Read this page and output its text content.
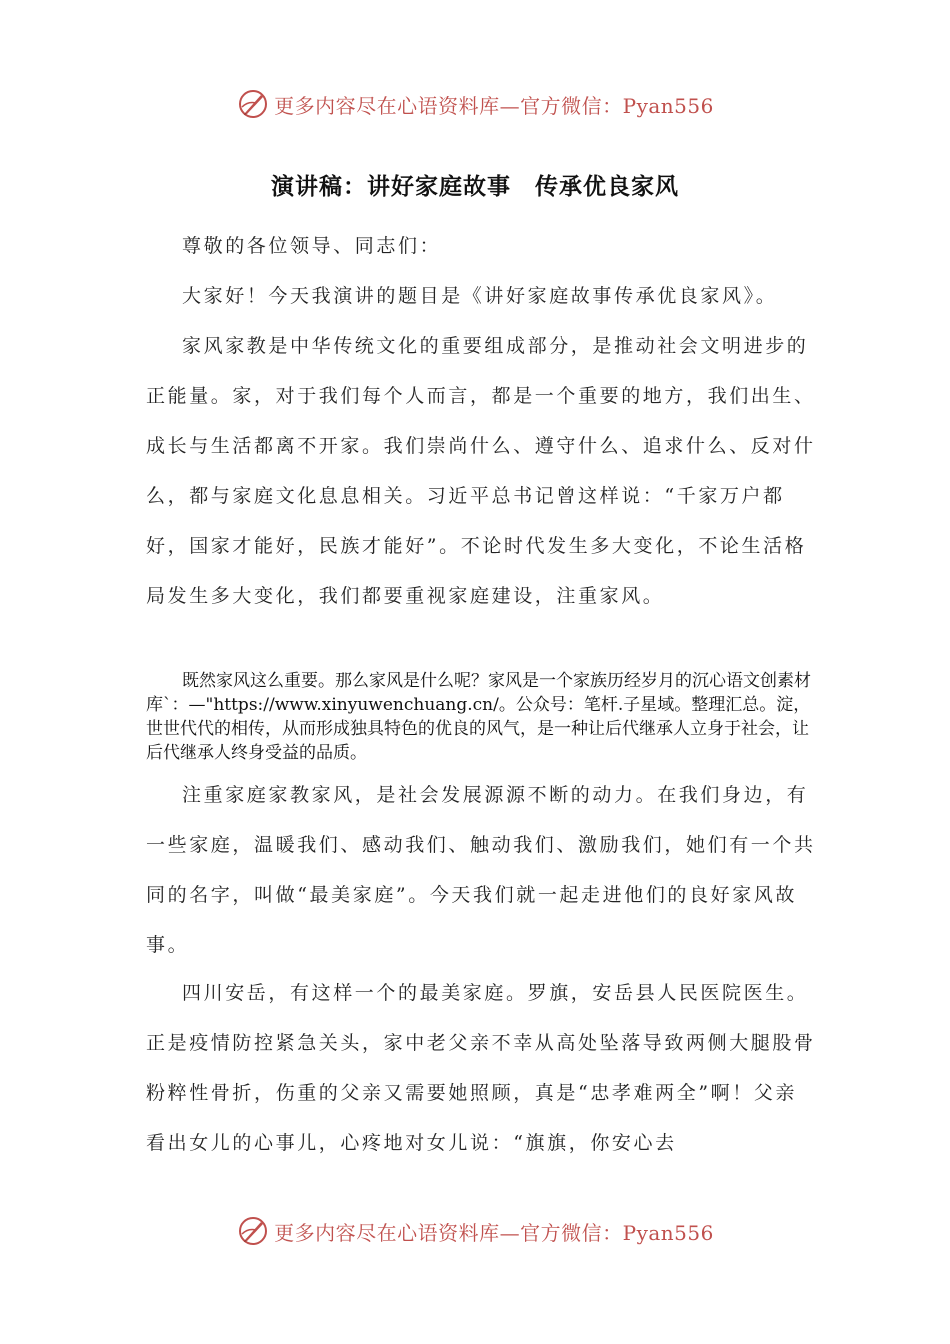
更多内容尽在心语资料库—官方微信：Pyan556
演讲稿：讲好家庭故事 传承优良家风
尊敬的各位领导、同志们：
大家好！今天我演讲的题目是《讲好家庭故事传承优良家风》。
家风家教是中华传统文化的重要组成部分，是推动社会文明进步的正能量。家，对于我们每个人而言，都是一个重要的地方，我们出生、成长与生活都离不开家。我们崇尚什么、遵守什么、追求什么、反对什么，都与家庭文化息息相关。习近平总书记曾这样说：“千家万户都好，国家才能好，民族才能好”。不论时代发生多大变化，不论生活格局发生多大变化，我们都要重视家庭建设，注重家风。
既然家风这么重要。那么家风是什么呢？家风是一个家族历经岁月的沉心语文创素材库`：—"https://www.xinyuwenchuang.cn/。公众号：笔杆.子星域。整理汇总。淀，世世代代的相传，从而形成独具特色的优良的风气，是一种让后代继承人立身于社会，让后代继承人终身受益的品质。
注重家庭家教家风，是社会发展源源不断的动力。在我们身边，有一些家庭，温暖我们、感动我们、触动我们、激励我们，她们有一个共同的名字，叫做“最美家庭”。今天我们就一起走进他们的良好家风故事。
四川安岳，有这样一个的最美家庭。罗旗，安岳县人民医院医生。正是疫情防控紧急关头，家中老父亲不幸从高处坠落导致两侧大腿股骨粉粹性骨折，伤重的父亲又需要她照顾，真是“忠孝难两全”啊！父亲看出女儿的心事儿，心疼地对女儿说：“旗旗，你安心去
更多内容尽在心语资料库—官方微信：Pyan556
